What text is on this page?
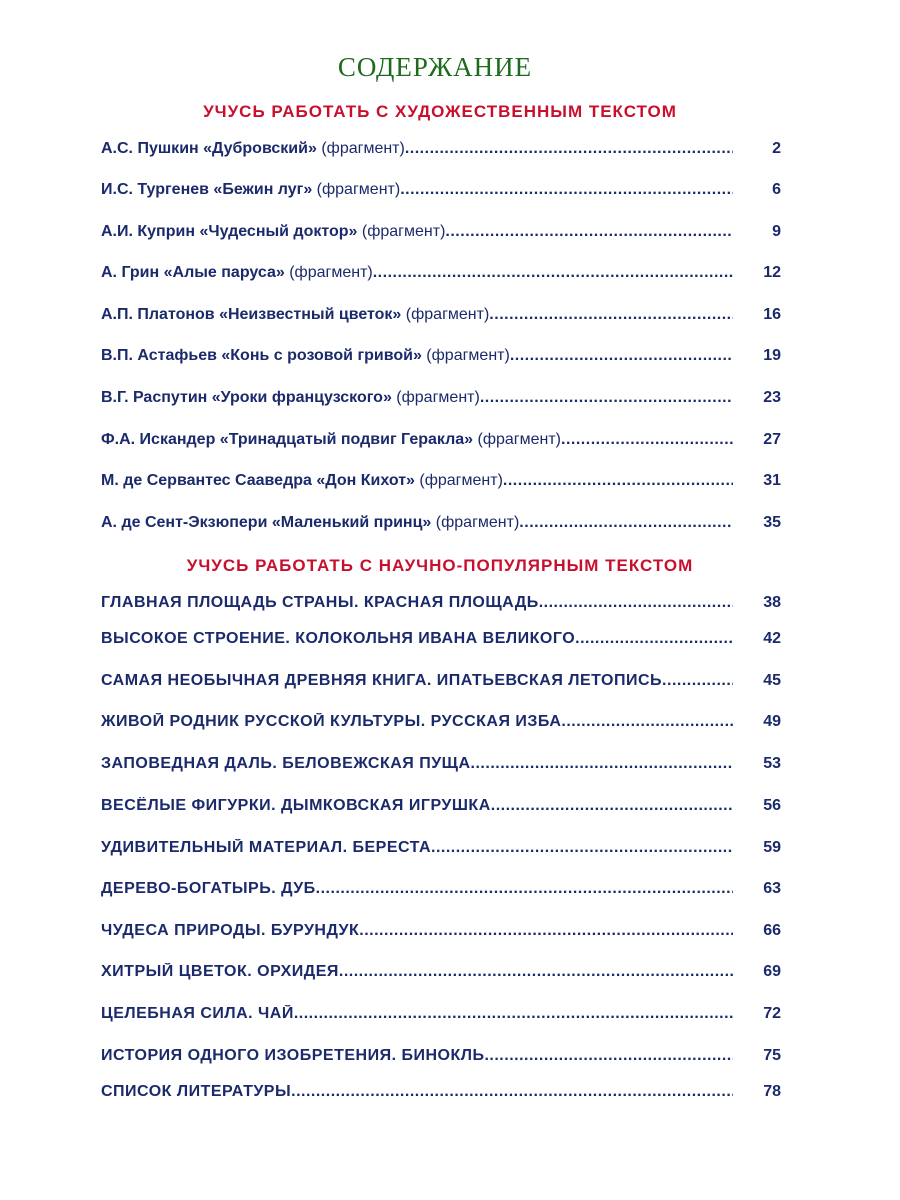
СОДЕРЖАНИЕ
УЧУСЬ РАБОТАТЬ С ХУДОЖЕСТВЕННЫМ ТЕКСТОМ
А.С. Пушкин «Дубровский» (фрагмент) .....	2
И.С. Тургенев «Бежин луг» (фрагмент) .....	6
А.И. Куприн «Чудесный доктор» (фрагмент) .....	9
А. Грин «Алые паруса» (фрагмент) .....	12
А.П. Платонов «Неизвестный цветок» (фрагмент) .....	16
В.П. Астафьев «Конь с розовой гривой» (фрагмент) .....	19
В.Г. Распутин «Уроки французского» (фрагмент) .....	23
Ф.А. Искандер «Тринадцатый подвиг Геракла» (фрагмент) .....	27
М. де Сервантес Сааведра «Дон Кихот» (фрагмент) .....	31
А. де Сент-Экзюпери «Маленький принц» (фрагмент) .....	35
УЧУСЬ РАБОТАТЬ С НАУЧНО-ПОПУЛЯРНЫМ ТЕКСТОМ
ГЛАВНАЯ ПЛОЩАДЬ СТРАНЫ. КРАСНАЯ ПЛОЩАДЬ .....	38
ВЫСОКОЕ СТРОЕНИЕ. КОЛОКОЛЬНЯ ИВАНА ВЕЛИКОГО .....	42
САМАЯ НЕОБЫЧНАЯ ДРЕВНЯЯ КНИГА. ИПАТЬЕВСКАЯ ЛЕТОПИСЬ .....	45
ЖИВОЙ РОДНИК РУССКОЙ КУЛЬТУРЫ. РУССКАЯ ИЗБА .....	49
ЗАПОВЕДНАЯ ДАЛЬ. БЕЛОВЕЖСКАЯ ПУЩА .....	53
ВЕСЁЛЫЕ ФИГУРКИ. ДЫМКОВСКАЯ ИГРУШКА .....	56
УДИВИТЕЛЬНЫЙ МАТЕРИАЛ. БЕРЕСТА .....	59
ДЕРЕВО-БОГАТЫРЬ. ДУБ .....	63
ЧУДЕСА ПРИРОДЫ. БУРУНДУК .....	66
ХИТРЫЙ ЦВЕТОК. ОРХИДЕЯ .....	69
ЦЕЛЕБНАЯ СИЛА. ЧАЙ .....	72
ИСТОРИЯ ОДНОГО ИЗОБРЕТЕНИЯ. БИНОКЛЬ .....	75
СПИСОК ЛИТЕРАТУРЫ .....	78
